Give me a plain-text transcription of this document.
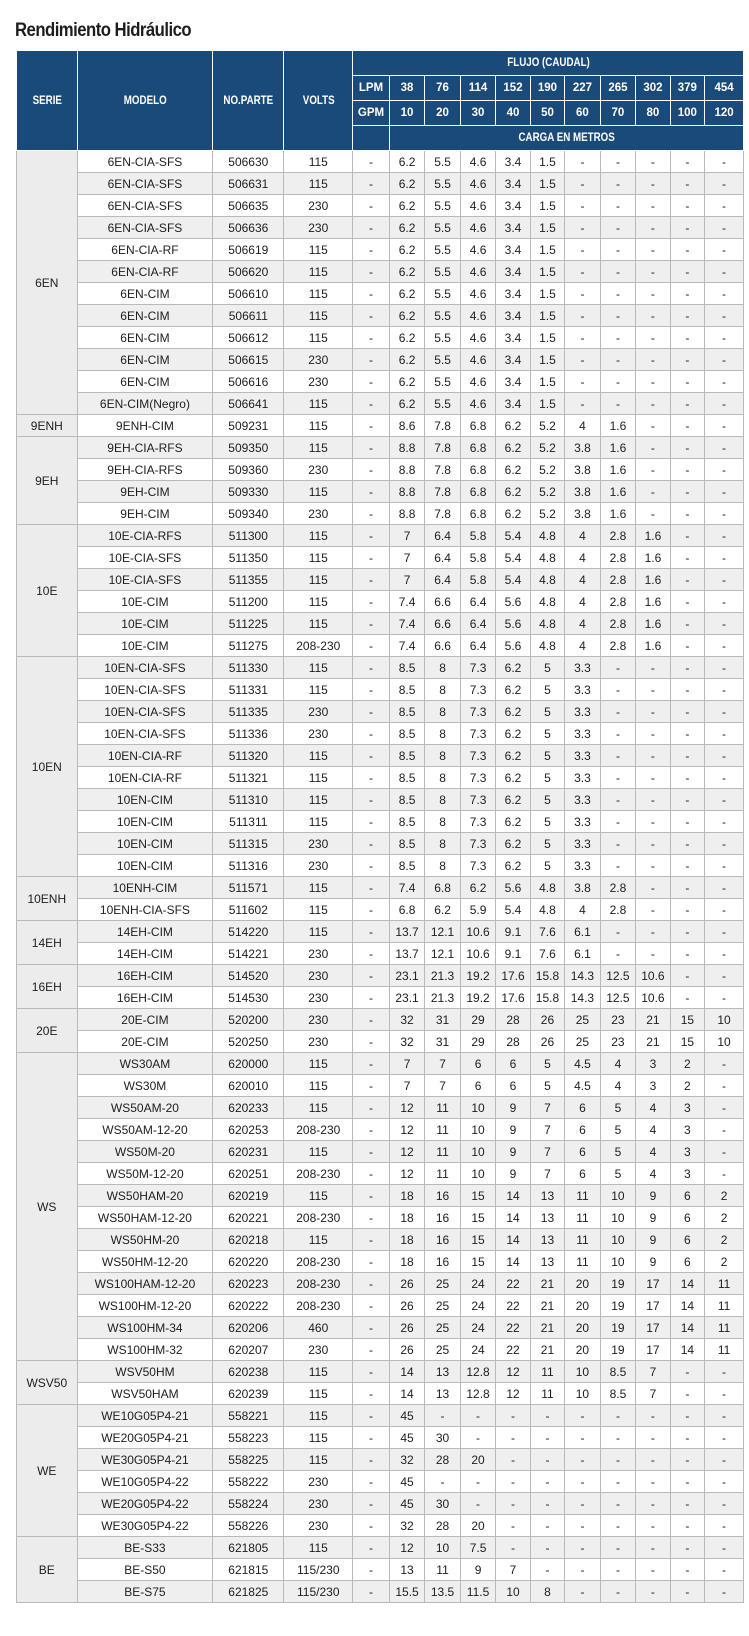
Rendimiento Hidráulico
SERIE	MODELO	NO.PARTE	VOLTS	FLUJO (CAUDAL)										
				LPM	38	76	114	152	190	227	265	302	379	454
				GPM	10	20	30	40	50	60	70	80	100	120
					CARGA EN METROS									
6EN	6EN-CIA-SFS	506630	115	-	6.2	5.5	4.6	3.4	1.5	-	-	-	-	-
	6EN-CIA-SFS	506631	115	-	6.2	5.5	4.6	3.4	1.5	-	-	-	-	-
	6EN-CIA-SFS	506635	230	-	6.2	5.5	4.6	3.4	1.5	-	-	-	-	-
	6EN-CIA-SFS	506636	230	-	6.2	5.5	4.6	3.4	1.5	-	-	-	-	-
	6EN-CIA-RF	506619	115	-	6.2	5.5	4.6	3.4	1.5	-	-	-	-	-
	6EN-CIA-RF	506620	115	-	6.2	5.5	4.6	3.4	1.5	-	-	-	-	-
	6EN-CIM	506610	115	-	6.2	5.5	4.6	3.4	1.5	-	-	-	-	-
	6EN-CIM	506611	115	-	6.2	5.5	4.6	3.4	1.5	-	-	-	-	-
	6EN-CIM	506612	115	-	6.2	5.5	4.6	3.4	1.5	-	-	-	-	-
	6EN-CIM	506615	230	-	6.2	5.5	4.6	3.4	1.5	-	-	-	-	-
	6EN-CIM	506616	230	-	6.2	5.5	4.6	3.4	1.5	-	-	-	-	-
	6EN-CIM(Negro)	506641	115	-	6.2	5.5	4.6	3.4	1.5	-	-	-	-	-
9ENH	9ENH-CIM	509231	115	-	8.6	7.8	6.8	6.2	5.2	4	1.6	-	-	-
9EH	9EH-CIA-RFS	509350	115	-	8.8	7.8	6.8	6.2	5.2	3.8	1.6	-	-	-
	9EH-CIA-RFS	509360	230	-	8.8	7.8	6.8	6.2	5.2	3.8	1.6	-	-	-
	9EH-CIM	509330	115	-	8.8	7.8	6.8	6.2	5.2	3.8	1.6	-	-	-
	9EH-CIM	509340	230	-	8.8	7.8	6.8	6.2	5.2	3.8	1.6	-	-	-
10E	10E-CIA-RFS	511300	115	-	7	6.4	5.8	5.4	4.8	4	2.8	1.6	-	-
	10E-CIA-SFS	511350	115	-	7	6.4	5.8	5.4	4.8	4	2.8	1.6	-	-
	10E-CIA-SFS	511355	115	-	7	6.4	5.8	5.4	4.8	4	2.8	1.6	-	-
	10E-CIM	511200	115	-	7.4	6.6	6.4	5.6	4.8	4	2.8	1.6	-	-
	10E-CIM	511225	115	-	7.4	6.6	6.4	5.6	4.8	4	2.8	1.6	-	-
	10E-CIM	511275	208-230	-	7.4	6.6	6.4	5.6	4.8	4	2.8	1.6	-	-
10EN	10EN-CIA-SFS	511330	115	-	8.5	8	7.3	6.2	5	3.3	-	-	-	-
	10EN-CIA-SFS	511331	115	-	8.5	8	7.3	6.2	5	3.3	-	-	-	-
	10EN-CIA-SFS	511335	230	-	8.5	8	7.3	6.2	5	3.3	-	-	-	-
	10EN-CIA-SFS	511336	230	-	8.5	8	7.3	6.2	5	3.3	-	-	-	-
	10EN-CIA-RF	511320	115	-	8.5	8	7.3	6.2	5	3.3	-	-	-	-
	10EN-CIA-RF	511321	115	-	8.5	8	7.3	6.2	5	3.3	-	-	-	-
	10EN-CIM	511310	115	-	8.5	8	7.3	6.2	5	3.3	-	-	-	-
	10EN-CIM	511311	115	-	8.5	8	7.3	6.2	5	3.3	-	-	-	-
	10EN-CIM	511315	230	-	8.5	8	7.3	6.2	5	3.3	-	-	-	-
	10EN-CIM	511316	230	-	8.5	8	7.3	6.2	5	3.3	-	-	-	-
10ENH	10ENH-CIM	511571	115	-	7.4	6.8	6.2	5.6	4.8	3.8	2.8	-	-	-
	10ENH-CIA-SFS	511602	115	-	6.8	6.2	5.9	5.4	4.8	4	2.8	-	-	-
14EH	14EH-CIM	514220	115	-	13.7	12.1	10.6	9.1	7.6	6.1	-	-	-	-
	14EH-CIM	514221	230	-	13.7	12.1	10.6	9.1	7.6	6.1	-	-	-	-
16EH	16EH-CIM	514520	230	-	23.1	21.3	19.2	17.6	15.8	14.3	12.5	10.6	-	-
	16EH-CIM	514530	230	-	23.1	21.3	19.2	17.6	15.8	14.3	12.5	10.6	-	-
20E	20E-CIM	520200	230	-	32	31	29	28	26	25	23	21	15	10
	20E-CIM	520250	230	-	32	31	29	28	26	25	23	21	15	10
WS	WS30AM	620000	115	-	7	7	6	6	5	4.5	4	3	2	-
	WS30M	620010	115	-	7	7	6	6	5	4.5	4	3	2	-
	WS50AM-20	620233	115	-	12	11	10	9	7	6	5	4	3	-
	WS50AM-12-20	620253	208-230	-	12	11	10	9	7	6	5	4	3	-
	WS50M-20	620231	115	-	12	11	10	9	7	6	5	4	3	-
	WS50M-12-20	620251	208-230	-	12	11	10	9	7	6	5	4	3	-
	WS50HAM-20	620219	115	-	18	16	15	14	13	11	10	9	6	2
	WS50HAM-12-20	620221	208-230	-	18	16	15	14	13	11	10	9	6	2
	WS50HM-20	620218	115	-	18	16	15	14	13	11	10	9	6	2
	WS50HM-12-20	620220	208-230	-	18	16	15	14	13	11	10	9	6	2
	WS100HAM-12-20	620223	208-230	-	26	25	24	22	21	20	19	17	14	11
	WS100HM-12-20	620222	208-230	-	26	25	24	22	21	20	19	17	14	11
	WS100HM-34	620206	460	-	26	25	24	22	21	20	19	17	14	11
	WS100HM-32	620207	230	-	26	25	24	22	21	20	19	17	14	11
WSV50	WSV50HM	620238	115	-	14	13	12.8	12	11	10	8.5	7	-	-
	WSV50HAM	620239	115	-	14	13	12.8	12	11	10	8.5	7	-	-
WE	WE10G05P4-21	558221	115	-	45	-	-	-	-	-	-	-	-	-
	WE20G05P4-21	558223	115	-	45	30	-	-	-	-	-	-	-	-
	WE30G05P4-21	558225	115	-	32	28	20	-	-	-	-	-	-	-
	WE10G05P4-22	558222	230	-	45	-	-	-	-	-	-	-	-	-
	WE20G05P4-22	558224	230	-	45	30	-	-	-	-	-	-	-	-
	WE30G05P4-22	558226	230	-	32	28	20	-	-	-	-	-	-	-
BE	BE-S33	621805	115	-	12	10	7.5	-	-	-	-	-	-	-
	BE-S50	621815	115/230	-	13	11	9	7	-	-	-	-	-	-
	BE-S75	621825	115/230	-	15.5	13.5	11.5	10	8	-	-	-	-	-
